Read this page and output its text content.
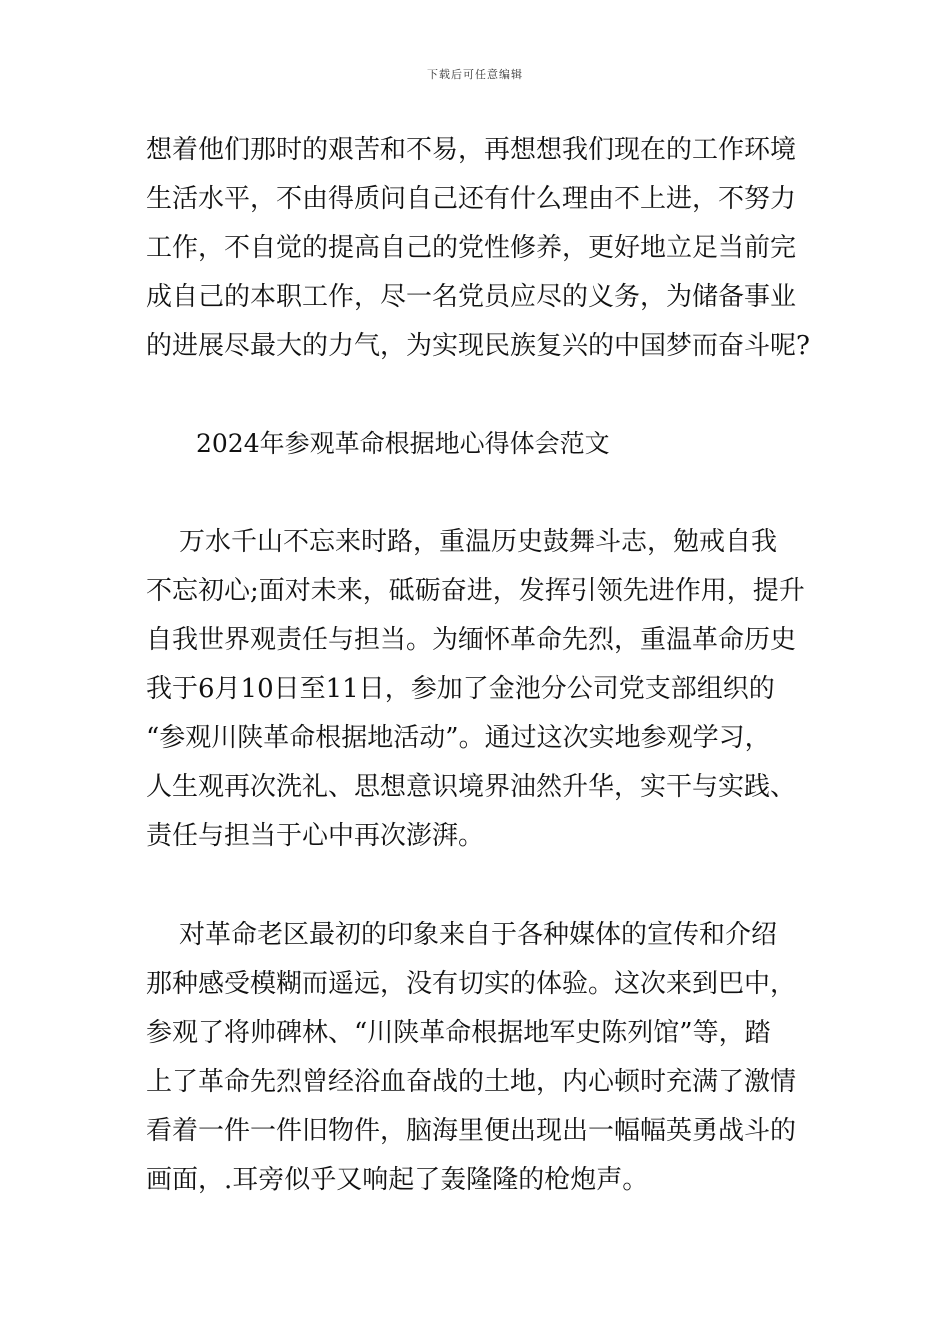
下载后可任意编辑
想着他们那时的艰苦和不易，再想想我们现在的工作环境
生活水平，不由得质问自己还有什么理由不上进，不努力
工作，不自觉的提高自己的党性修养，更好地立足当前完
成自己的本职工作，尽一名党员应尽的义务，为储备事业
的进展尽最大的力气，为实现民族复兴的中国梦而奋斗呢?
2024年参观革命根据地心得体会范文
万水千山不忘来时路，重温历史鼓舞斗志，勉戒自我
不忘初心;面对未来，砥砺奋进，发挥引领先进作用，提升
自我世界观责任与担当。为缅怀革命先烈，重温革命历史
我于6月10日至11日，参加了金池分公司党支部组织的
“参观川陕革命根据地活动”。通过这次实地参观学习，
人生观再次洗礼、思想意识境界油然升华，实干与实践、
责任与担当于心中再次澎湃。
对革命老区最初的印象来自于各种媒体的宣传和介绍
那种感受模糊而遥远，没有切实的体验。这次来到巴中，
参观了将帅碑林、“川陕革命根据地军史陈列馆”等，踏
上了革命先烈曾经浴血奋战的土地，内心顿时充满了激情
看着一件一件旧物件，脑海里便出现出一幅幅英勇战斗的
画面，.耳旁似乎又响起了轰隆隆的枪炮声。
